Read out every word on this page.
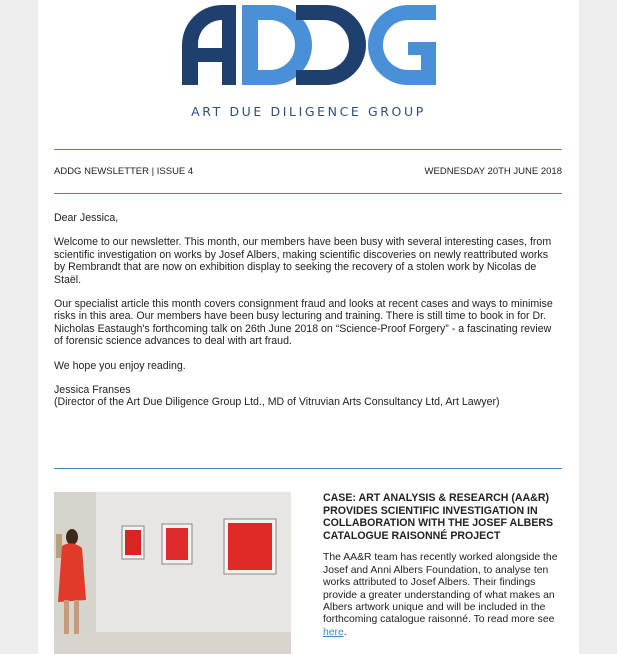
ART DUE DILIGENCE GROUP
ADDG NEWSLETTER | ISSUE 4	WEDNESDAY 20TH JUNE 2018

Dear Jessica,

Welcome to our newsletter. This month, our members have been busy with several interesting cases, from scientific investigation on works by Josef Albers, making scientific discoveries on newly reattributed works by Rembrandt that are now on exhibition display to seeking the recovery of a stolen work by Nicolas de Staël.

Our specialist article this month covers consignment fraud and looks at recent cases and ways to minimise risks in this area. Our members have been busy lecturing and training. There is still time to book in for Dr. Nicholas Eastaugh's forthcoming talk on 26th June 2018 on “Science-Proof Forgery” - a fascinating review of forensic science advances to deal with art fraud.

We hope you enjoy reading.

Jessica Franses
(Director of the Art Due Diligence Group Ltd., MD of Vitruvian Arts Consultancy Ltd, Art Lawyer)

CASE: ART ANALYSIS & RESEARCH (AA&R) PROVIDES SCIENTIFIC INVESTIGATION IN COLLABORATION WITH THE JOSEF ALBERS CATALOGUE RAISONNÉ PROJECT

The AA&R team has recently worked alongside the Josef and Anni Albers Foundation, to analyse ten works attributed to Josef Albers. Their findings provide a greater understanding of what makes an Albers artwork unique and will be included in the forthcoming catalogue raisonné. To read more see here.
